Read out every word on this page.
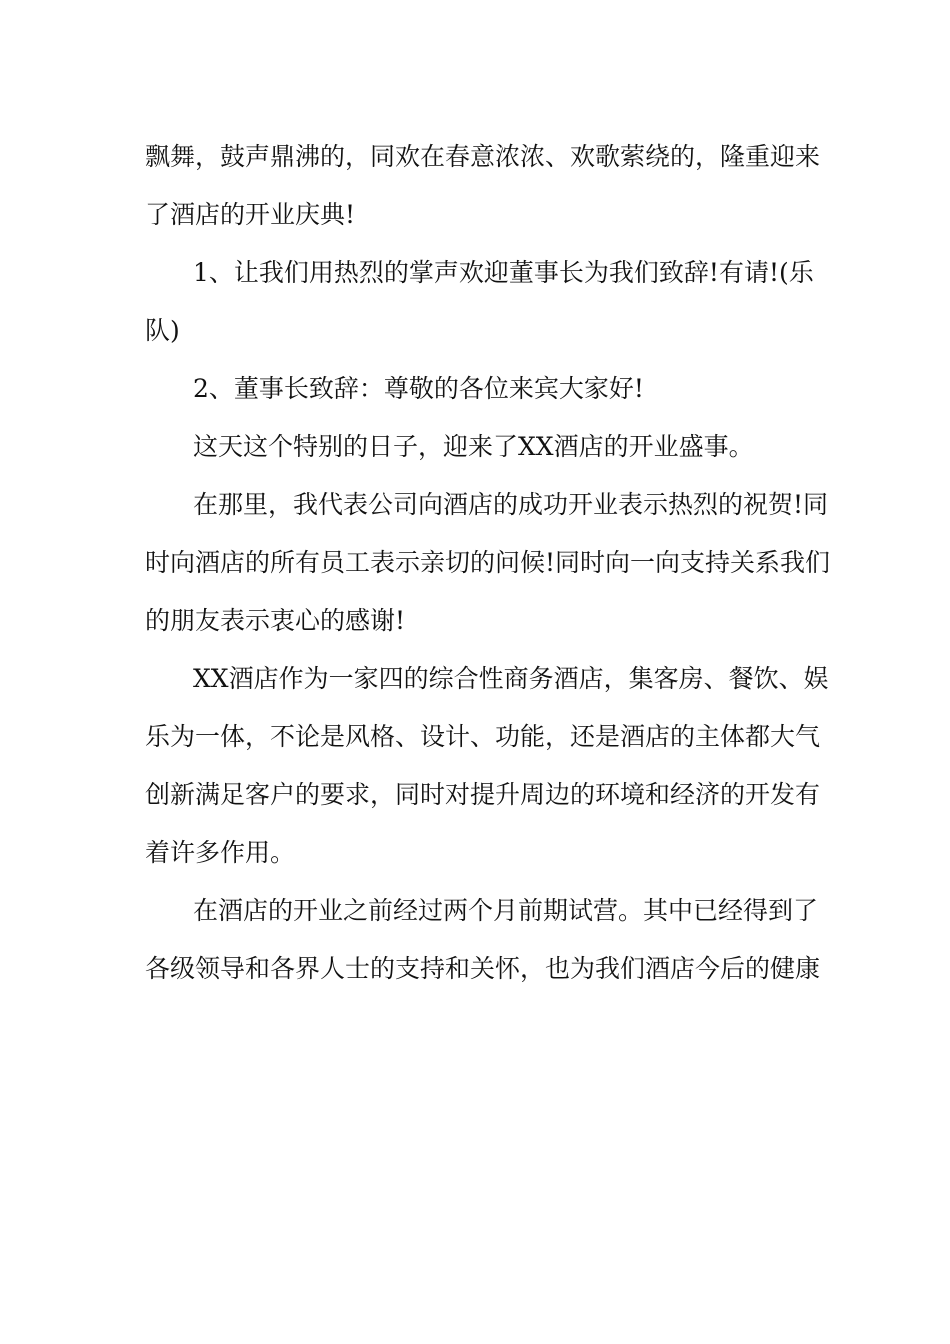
飘舞，鼓声鼎沸的，同欢在春意浓浓、欢歌萦绕的，隆重迎来
了酒店的开业庆典!
1、让我们用热烈的掌声欢迎董事长为我们致辞!有请!(乐
队)
2、董事长致辞：尊敬的各位来宾大家好!
这天这个特别的日子，迎来了XX酒店的开业盛事。
在那里，我代表公司向酒店的成功开业表示热烈的祝贺!同
时向酒店的所有员工表示亲切的问候!同时向一向支持关系我们
的朋友表示衷心的感谢!
XX酒店作为一家四的综合性商务酒店，集客房、餐饮、娱
乐为一体，不论是风格、设计、功能，还是酒店的主体都大气
创新满足客户的要求，同时对提升周边的环境和经济的开发有
着许多作用。
在酒店的开业之前经过两个月前期试营。其中已经得到了
各级领导和各界人士的支持和关怀，也为我们酒店今后的健康
